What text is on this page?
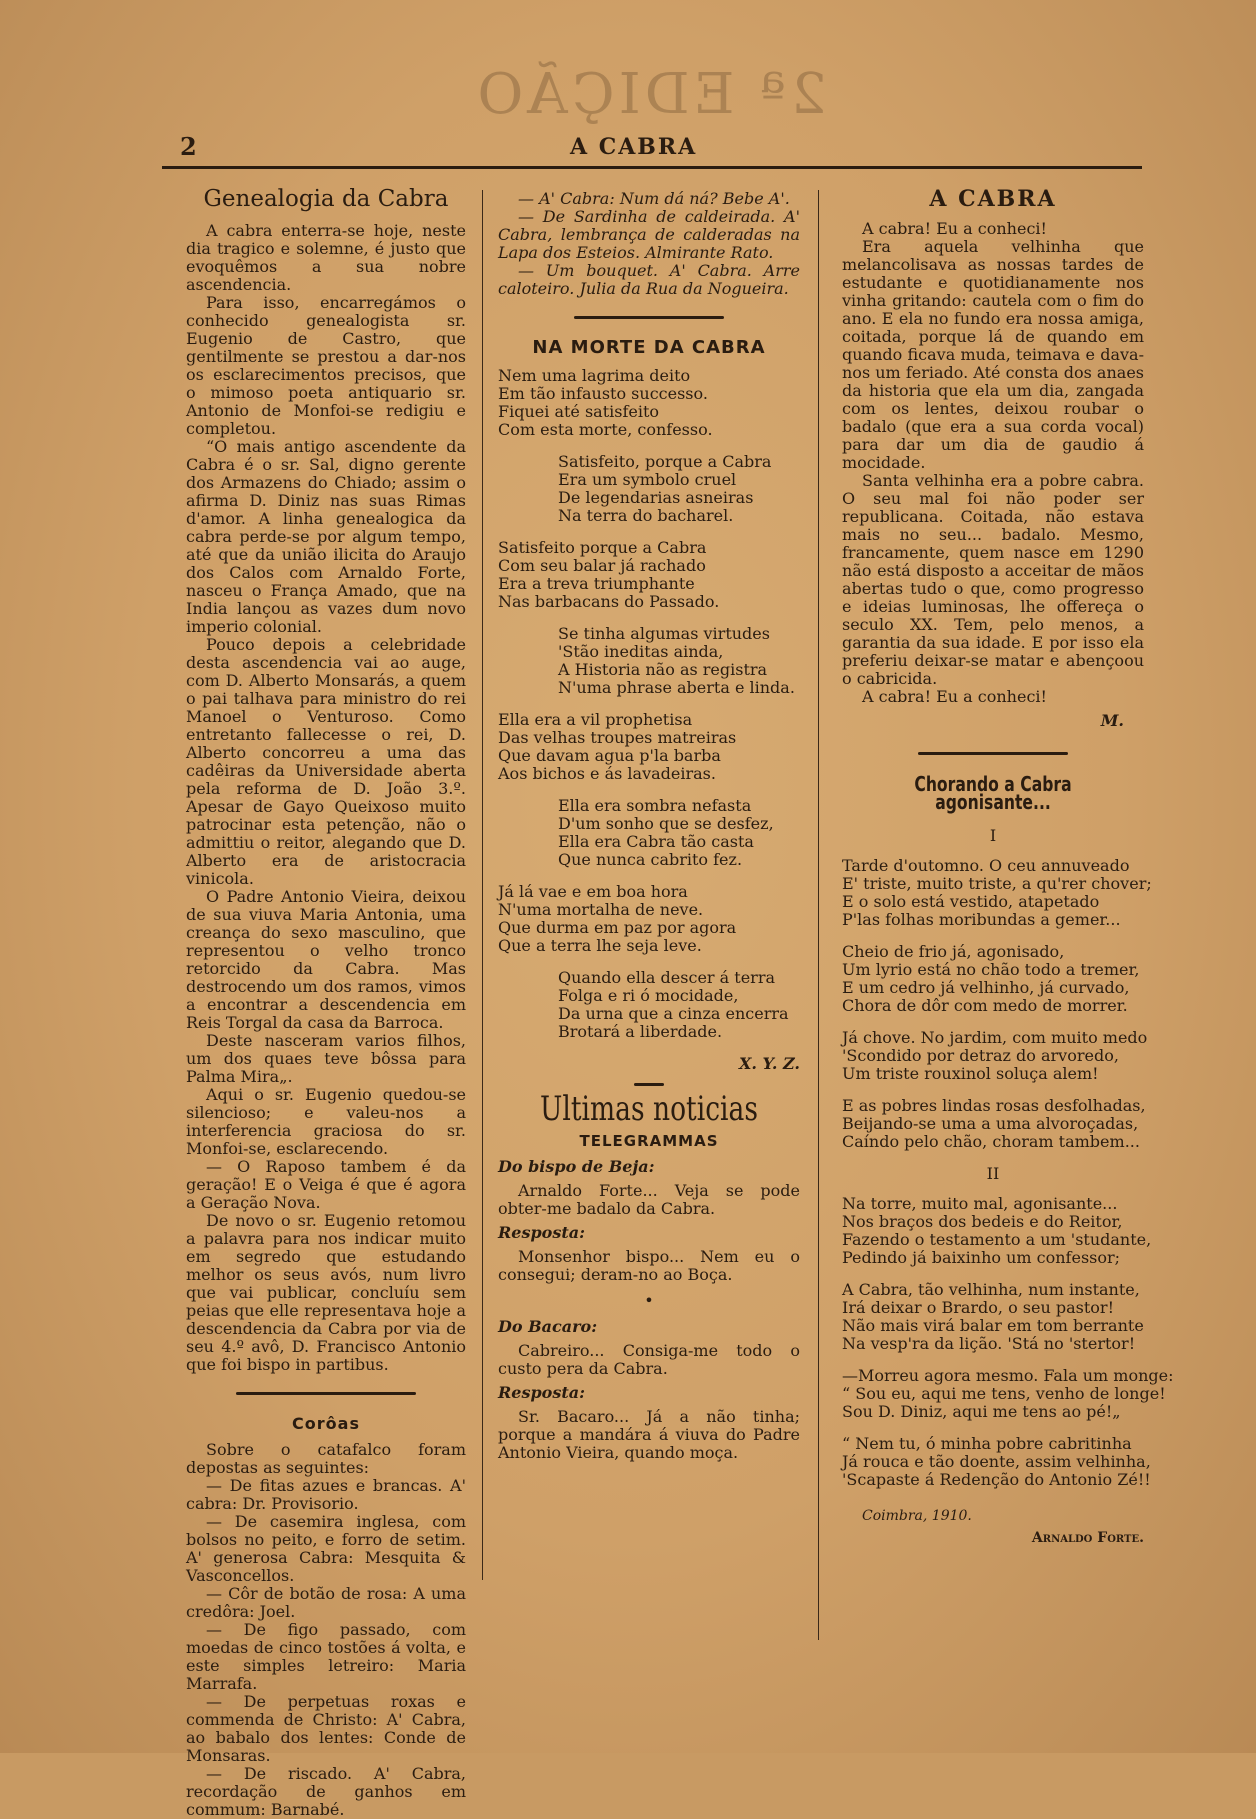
2ª EDIÇÃO
2	A CABRA
Genealogia da Cabra

A cabra enterra-se hoje, neste dia tragico e solemne, é justo que evoquêmos a sua nobre ascendencia.

Para isso, encarregámos o conhecido genealogista sr. Eugenio de Castro, que gentilmente se prestou a dar-nos os esclarecimentos precisos, que o mimoso poeta antiquario sr. Antonio de Monfoi-se redigiu e completou.

“O mais antigo ascendente da Cabra é o sr. Sal, digno gerente dos Armazens do Chiado; assim o afirma D. Diniz nas suas Rimas d'amor. A linha genealogica da cabra perde-se por algum tempo, até que da união ilicita do Araujo dos Calos com Arnaldo Forte, nasceu o França Amado, que na India lançou as vazes dum novo imperio colonial.

Pouco depois a celebridade desta ascendencia vai ao auge, com D. Alberto Monsarás, a quem o pai talhava para ministro do rei Manoel o Venturoso. Como entretanto fallecesse o rei, D. Alberto concorreu a uma das cadêiras da Universidade aberta pela reforma de D. João 3.º. Apesar de Gayo Queixoso muito patrocinar esta petenção, não o admittiu o reitor, alegando que D. Alberto era de aristocracia vinicola.

O Padre Antonio Vieira, deixou de sua viuva Maria Antonia, uma creança do sexo masculino, que representou o velho tronco retorcido da Cabra. Mas destrocendo um dos ramos, vimos a encontrar a descendencia em Reis Torgal da casa da Barroca.

Deste nasceram varios filhos, um dos quaes teve bôssa para Palma Mira„.

Aqui o sr. Eugenio quedou-se silencioso; e valeu-nos a interferencia graciosa do sr. Monfoi-se, esclarecendo.

— O Raposo tambem é da geração! E o Veiga é que é agora a Geração Nova.

De novo o sr. Eugenio retomou a palavra para nos indicar muito em segredo que estudando melhor os seus avós, num livro que vai publicar, concluíu sem peias que elle representava hoje a descendencia da Cabra por via de seu 4.º avô, D. Francisco Antonio que foi bispo in partibus.

Corôas

Sobre o catafalco foram depostas as seguintes:

— De fitas azues e brancas. A' cabra: Dr. Provisorio.

— De casemira inglesa, com bolsos no peito, e forro de setim. A' generosa Cabra: Mesquita & Vasconcellos.

— Côr de botão de rosa: A uma credôra: Joel.

— De figo passado, com moedas de cinco tostões á volta, e este simples letreiro: Maria Marrafa.

— De perpetuas roxas e commenda de Christo: A' Cabra, ao babalo dos lentes: Conde de Monsaras.

— De riscado. A' Cabra, recordação de ganhos em commum: Barnabé.

— A' Cabra: Num dá ná? Bebe A'.

— De Sardinha de caldeirada. A' Cabra, lembrança de calderadas na Lapa dos Esteios. Almirante Rato.

— Um bouquet. A' Cabra. Arre caloteiro. Julia da Rua da Nogueira.

NA MORTE DA CABRA
Nem uma lagrima deito
Em tão infausto successo.
Fiquei até satisfeito
Com esta morte, confesso.
Satisfeito, porque a Cabra
Era um symbolo cruel
De legendarias asneiras
Na terra do bacharel.
Satisfeito porque a Cabra
Com seu balar já rachado
Era a treva triumphante
Nas barbacans do Passado.
Se tinha algumas virtudes
'Stão ineditas ainda,
A Historia não as registra
N'uma phrase aberta e linda.
Ella era a vil prophetisa
Das velhas troupes matreiras
Que davam agua p'la barba
Aos bichos e ás lavadeiras.
Ella era sombra nefasta
D'um sonho que se desfez,
Ella era Cabra tão casta
Que nunca cabrito fez.
Já lá vae e em boa hora
N'uma mortalha de neve.
Que durma em paz por agora
Que a terra lhe seja leve.
Quando ella descer á terra
Folga e ri ó mocidade,
Da urna que a cinza encerra
Brotará a liberdade.
X. Y. Z.
Ultimas noticias
TELEGRAMMAS
Do bispo de Beja:

Arnaldo Forte... Veja se pode obter-me badalo da Cabra.

Resposta:

Monsenhor bispo... Nem eu o consegui; deram-no ao Boça.

•
Do Bacaro:

Cabreiro... Consiga-me todo o custo pera da Cabra.

Resposta:

Sr. Bacaro... Já a não tinha; porque a mandára á viuva do Padre Antonio Vieira, quando moça.

A CABRA

A cabra! Eu a conheci!

Era aquela velhinha que melancolisava as nossas tardes de estudante e quotidianamente nos vinha gritando: cautela com o fim do ano. E ela no fundo era nossa amiga, coitada, porque lá de quando em quando ficava muda, teimava e dava-nos um feriado. Até consta dos anaes da historia que ela um dia, zangada com os lentes, deixou roubar o badalo (que era a sua corda vocal) para dar um dia de gaudio á mocidade.

Santa velhinha era a pobre cabra. O seu mal foi não poder ser republicana. Coitada, não estava mais no seu... badalo. Mesmo, francamente, quem nasce em 1290 não está disposto a acceitar de mãos abertas tudo o que, como progresso e ideias luminosas, lhe offereça o seculo XX. Tem, pelo menos, a garantia da sua idade. E por isso ela preferiu deixar-se matar e abençoou o cabricida.

A cabra! Eu a conheci!

M.
Chorando a Cabra agonisante...
I
Tarde d'outomno. O ceu annuveado
E' triste, muito triste, a qu'rer chover;
E o solo está vestido, atapetado
P'las folhas moribundas a gemer...
Cheio de frio já, agonisado,
Um lyrio está no chão todo a tremer,
E um cedro já velhinho, já curvado,
Chora de dôr com medo de morrer.
Já chove. No jardim, com muito medo
'Scondido por detraz do arvoredo,
Um triste rouxinol soluça alem!
E as pobres lindas rosas desfolhadas,
Beijando-se uma a uma alvoroçadas,
Caíndo pelo chão, choram tambem...
II
Na torre, muito mal, agonisante...
Nos braços dos bedeis e do Reitor,
Fazendo o testamento a um 'studante,
Pedindo já baixinho um confessor;
A Cabra, tão velhinha, num instante,
Irá deixar o Brardo, o seu pastor!
Não mais virá balar em tom berrante
Na vesp'ra da lição. 'Stá no 'stertor!
—Morreu agora mesmo. Fala um monge:
“ Sou eu, aqui me tens, venho de longe!
Sou D. Diniz, aqui me tens ao pé!„
“ Nem tu, ó minha pobre cabritinha
Já rouca e tão doente, assim velhinha,
'Scapaste á Redenção do Antonio Zé!!
Coimbra, 1910.
Arnaldo Forte.
